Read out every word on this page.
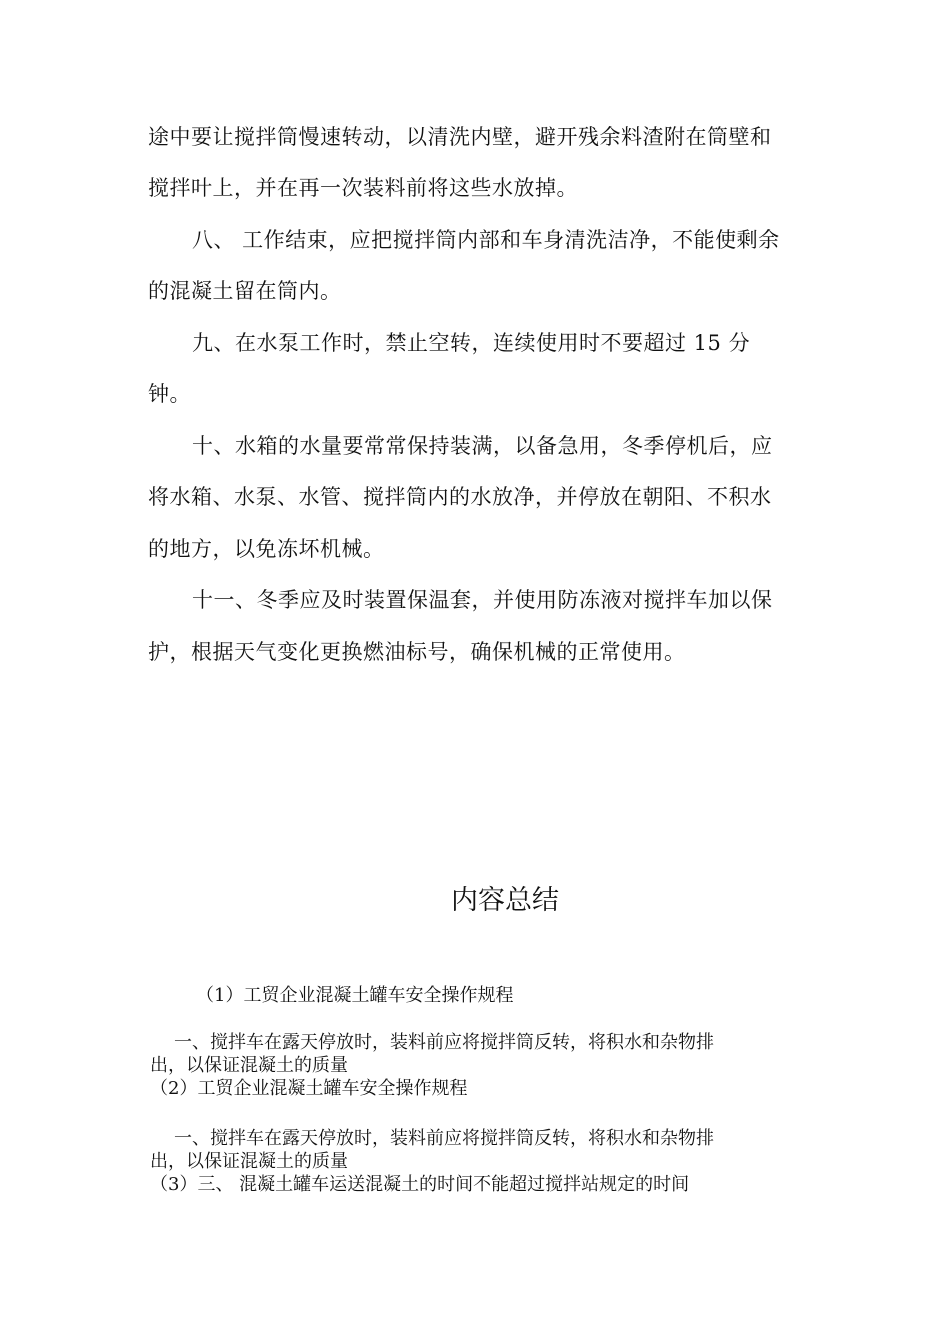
途中要让搅拌筒慢速转动，以清洗内壁，避开残余料渣附在筒壁和
搅拌叶上，并在再一次装料前将这些水放掉。
八、 工作结束，应把搅拌筒内部和车身清洗洁净，不能使剩余
的混凝土留在筒内。
九、在水泵工作时，禁止空转，连续使用时不要超过 15 分
钟。
十、水箱的水量要常常保持装满，以备急用，冬季停机后，应
将水箱、水泵、水管、搅拌筒内的水放净，并停放在朝阳、不积水
的地方，以免冻坏机械。
十一、冬季应及时装置保温套，并使用防冻液对搅拌车加以保
护，根据天气变化更换燃油标号，确保机械的正常使用。
内容总结
（1）工贸企业混凝土罐车安全操作规程
一、搅拌车在露天停放时，装料前应将搅拌筒反转，将积水和杂物排
出，以保证混凝土的质量
（2）工贸企业混凝土罐车安全操作规程
一、搅拌车在露天停放时，装料前应将搅拌筒反转，将积水和杂物排
出，以保证混凝土的质量
（3）三、 混凝土罐车运送混凝土的时间不能超过搅拌站规定的时间
